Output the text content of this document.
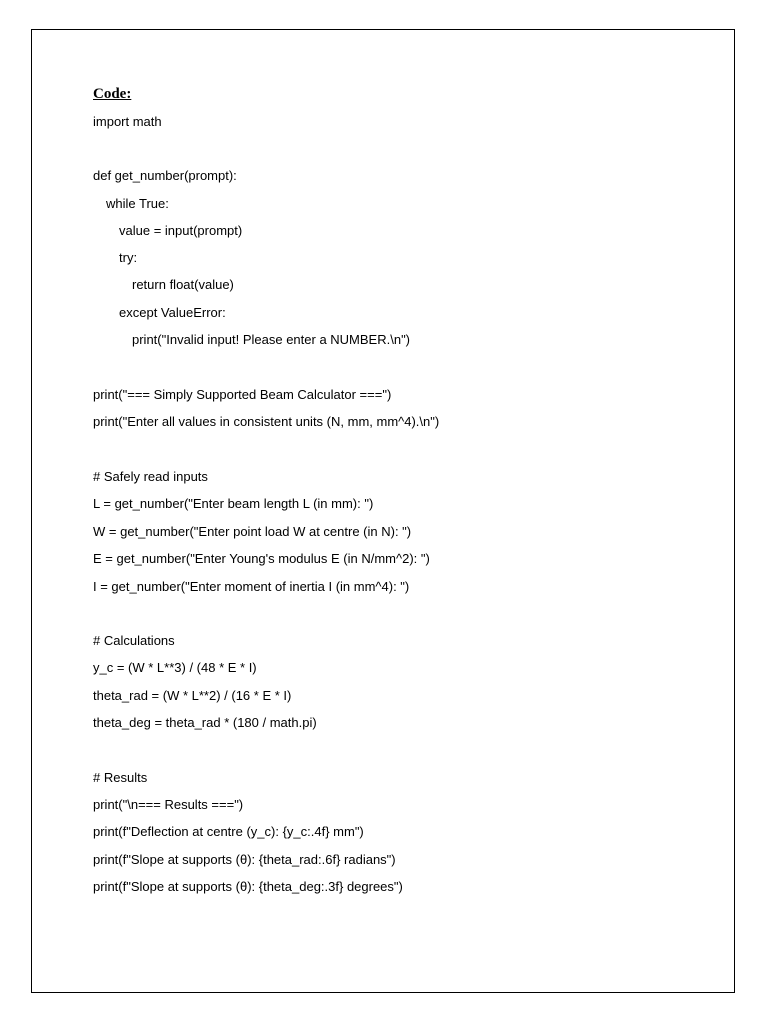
Code:
import math
def get_number(prompt):
while True:
value = input(prompt)
try:
return float(value)
except ValueError:
print("Invalid input! Please enter a NUMBER.\n")
print("=== Simply Supported Beam Calculator ===")
print("Enter all values in consistent units (N, mm, mm^4).\n")
# Safely read inputs
L = get_number("Enter beam length L (in mm): ")
W = get_number("Enter point load W at centre (in N): ")
E = get_number("Enter Young's modulus E (in N/mm^2): ")
I = get_number("Enter moment of inertia I (in mm^4): ")
# Calculations
y_c = (W * L**3) / (48 * E * I)
theta_rad = (W * L**2) / (16 * E * I)
theta_deg = theta_rad * (180 / math.pi)
# Results
print("\n=== Results ===")
print(f"Deflection at centre (y_c): {y_c:.4f} mm")
print(f"Slope at supports (θ): {theta_rad:.6f} radians")
print(f"Slope at supports (θ): {theta_deg:.3f} degrees")
